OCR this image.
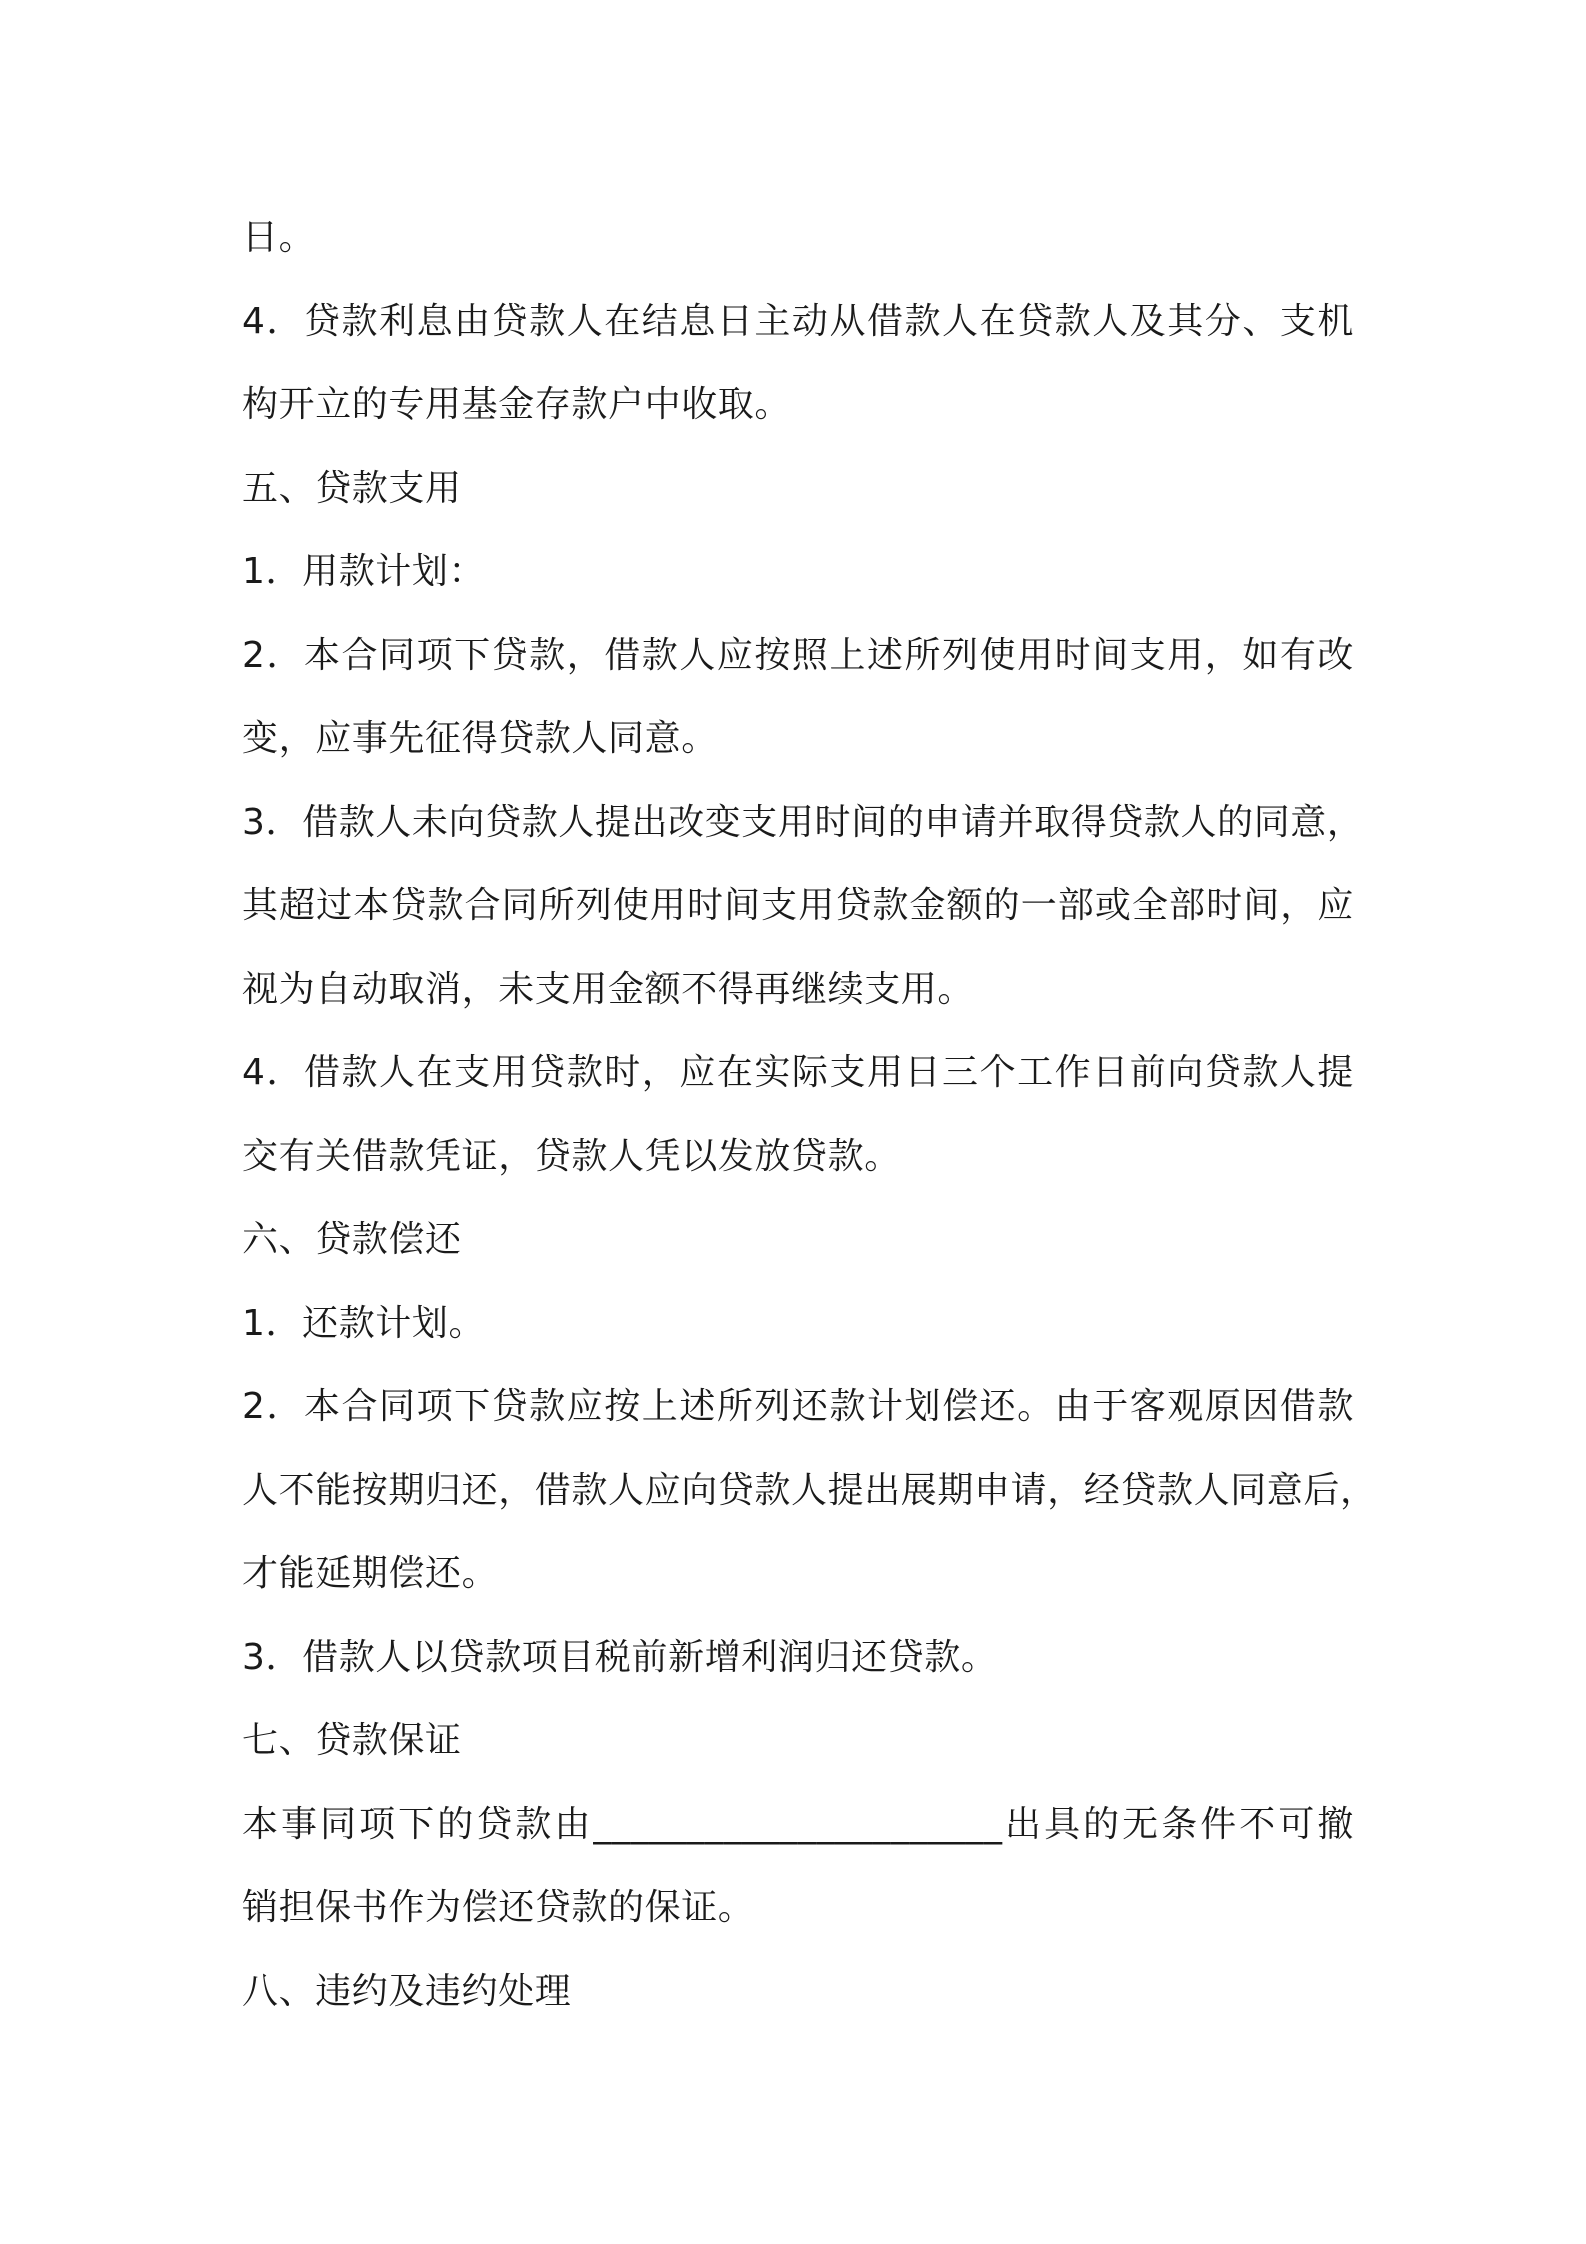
日。
4．贷款利息由贷款人在结息日主动从借款人在贷款人及其分、支机
构开立的专用基金存款户中收取。
五、贷款支用
1．用款计划：
2．本合同项下贷款，借款人应按照上述所列使用时间支用，如有改
变，应事先征得贷款人同意。
3．借款人未向贷款人提出改变支用时间的申请并取得贷款人的同意，
其超过本贷款合同所列使用时间支用贷款金额的一部或全部时间，应
视为自动取消，未支用金额不得再继续支用。
4．借款人在支用贷款时，应在实际支用日三个工作日前向贷款人提
交有关借款凭证，贷款人凭以发放贷款。
六、贷款偿还
1．还款计划。
2．本合同项下贷款应按上述所列还款计划偿还。由于客观原因借款
人不能按期归还，借款人应向贷款人提出展期申请，经贷款人同意后，
才能延期偿还。
3．借款人以贷款项目税前新增利润归还贷款。
七、贷款保证
本事同项下的贷款由______________________出具的无条件不可撤
销担保书作为偿还贷款的保证。
八、违约及违约处理
